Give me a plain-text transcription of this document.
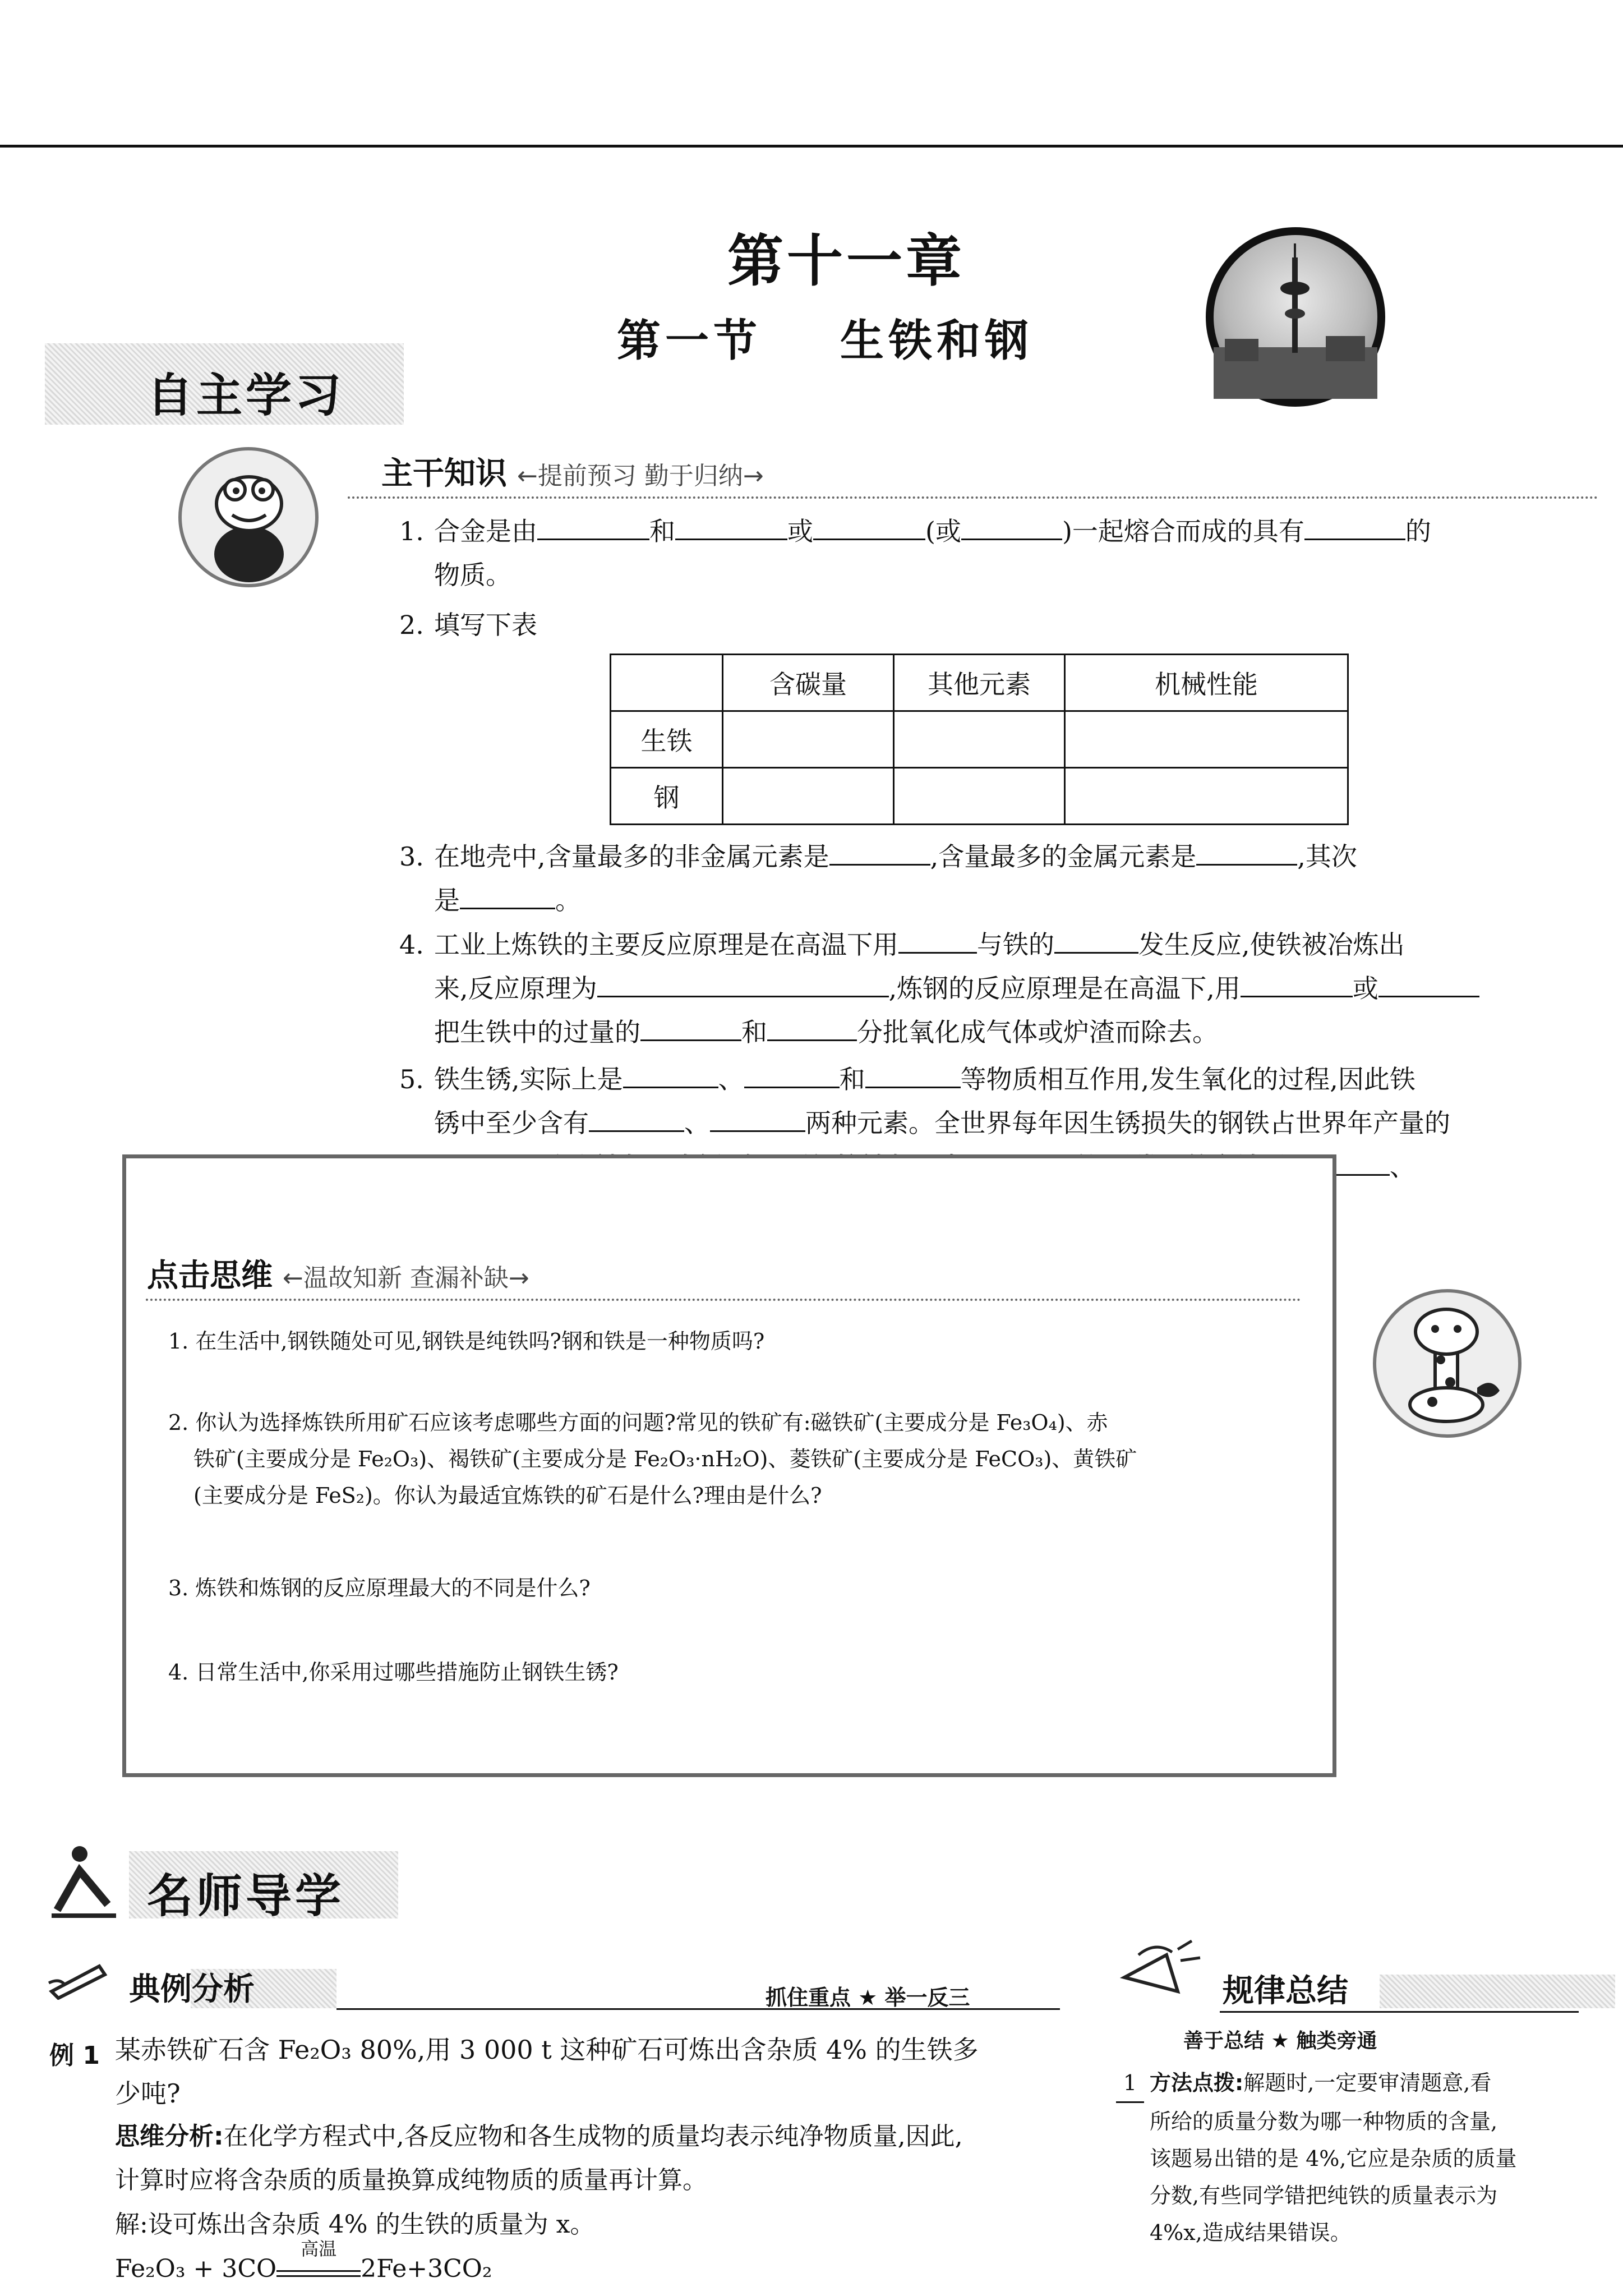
第十一章
第一节 生铁和钢
自主学习
主干知识 ←提前预习 勤于归纳→
1. 合金是由	和	或	(或	)一起熔合而成的具有	的
物质。
2. 填写下表
	含碳量	其他元素	机械性能
生铁			
钢			
3. 在地壳中,含量最多的非金属元素是	,含量最多的金属元素是	,其次
是	。
4. 工业上炼铁的主要反应原理是在高温下用	与铁的	发生反应,使铁被冶炼出
来,反应原理为	,炼钢的反应原理是在高温下,用	或
把生铁中的过量的	和	分批氧化成气体或炉渣而除去。
5. 铁生锈,实际上是	、	和	等物质相互作用,发生氧化的过程,因此铁
锈中至少含有	、	两种元素。全世界每年因生锈损失的钢铁占世界年产量的
、

点击思维 ←温故知新 查漏补缺→
1. 在生活中,钢铁随处可见,钢铁是纯铁吗?钢和铁是一种物质吗?
2. 你认为选择炼铁所用矿石应该考虑哪些方面的问题?常见的铁矿有:磁铁矿(主要成分是 Fe₃O₄)、赤
铁矿(主要成分是 Fe₂O₃)、褐铁矿(主要成分是 Fe₂O₃·nH₂O)、菱铁矿(主要成分是 FeCO₃)、黄铁矿
(主要成分是 FeS₂)。你认为最适宜炼铁的矿石是什么?理由是什么?
3. 炼铁和炼钢的反应原理最大的不同是什么?
4. 日常生活中,你采用过哪些措施防止钢铁生锈?
名师导学
典例分析	抓住重点 ★ 举一反三
例 1 某赤铁矿石含 Fe₂O₃ 80%,用 3 000 t 这种矿石可炼出含杂质 4% 的生铁多
少吨?
思维分析:在化学方程式中,各反应物和各生成物的质量均表示纯净物质量,因此,
计算时应将含杂质的质量换算成纯物质的质量再计算。
解:设可炼出含杂质 4% 的生铁的质量为 x。
Fe₂O₃ + 3CO
高温
2Fe+3CO₂
规律总结
善于总结 ★ 触类旁通
1 方法点拨:解题时,一定要审清题意,看
所给的质量分数为哪一种物质的含量,
该题易出错的是 4%,它应是杂质的质量
分数,有些同学错把纯铁的质量表示为
4%x,造成结果错误。
